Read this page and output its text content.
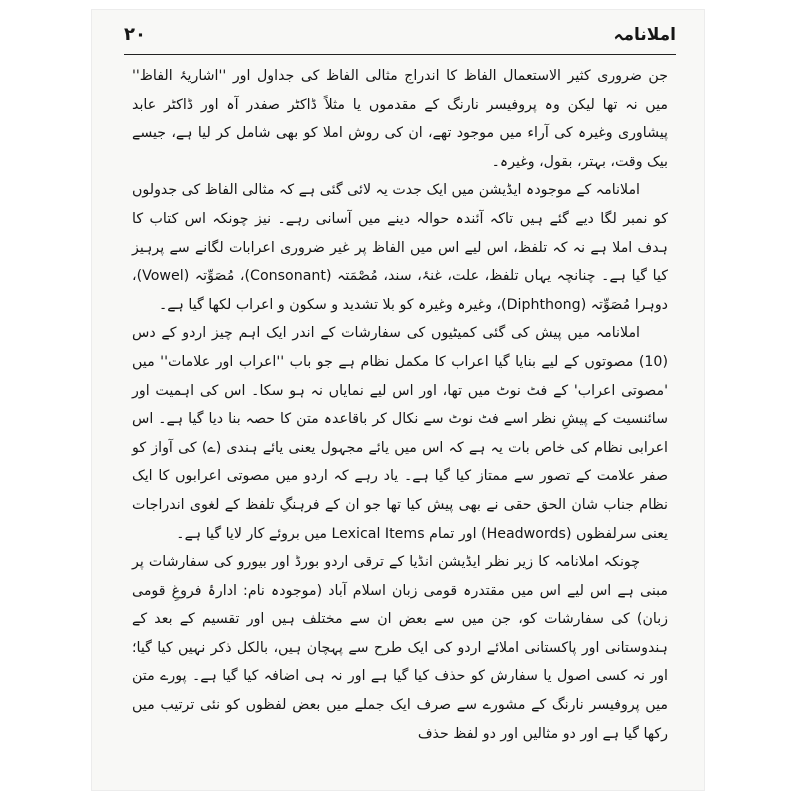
۲۰	املانامہ

جن ضروری کثیر الاستعمال الفاظ کا اندراج مثالی الفاظ کی جداول اور ''اشاریۂ الفاظ'' میں نہ تھا لیکن وہ پروفیسر نارنگ کے مقدموں یا مثلاً ڈاکٹر صفدر آہ اور ڈاکٹر عابد پیشاوری وغیرہ کی آراء میں موجود تھے، ان کی روش املا کو بھی شامل کر لیا ہے، جیسے بیک وقت، بہتر، بقول، وغیرہ۔

املانامہ کے موجودہ ایڈیشن میں ایک جدت یہ لائی گئی ہے کہ مثالی الفاظ کی جدولوں کو نمبر لگا دیے گئے ہیں تاکہ آئندہ حوالہ دینے میں آسانی رہے۔ نیز چونکہ اس کتاب کا ہدف املا ہے نہ کہ تلفظ، اس لیے اس میں الفاظ پر غیر ضروری اعرابات لگانے سے پرہیز کیا گیا ہے۔ چنانچہ یہاں تلفظ، علت، غنۂ، سند، مُصْمَتہ (Consonant)، مُصَوِّتہ (Vowel)، دوہرا مُصَوِّتہ (Diphthong)، وغیرہ وغیرہ کو بلا تشدید و سکون و اعراب لکھا گیا ہے۔

املانامہ میں پیش کی گئی کمیٹیوں کی سفارشات کے اندر ایک اہم چیز اردو کے دس (10) مصوتوں کے لیے بنایا گیا اعراب کا مکمل نظام ہے جو باب ''اعراب اور علامات'' میں 'مصوتی اعراب' کے فٹ نوٹ میں تھا، اور اس لیے نمایاں نہ ہو سکا۔ اس کی اہمیت اور سائنسیت کے پیشِ نظر اسے فٹ نوٹ سے نکال کر باقاعدہ متن کا حصہ بنا دیا گیا ہے۔ اس اعرابی نظام کی خاص بات یہ ہے کہ اس میں یائے مجہول یعنی یائے ہندی (ے) کی آواز کو صفر علامت کے تصور سے ممتاز کیا گیا ہے۔ یاد رہے کہ اردو میں مصوتی اعرابوں کا ایک نظام جناب شان الحق حقی نے بھی پیش کیا تھا جو ان کے فرہنگِ تلفظ کے لغوی اندراجات یعنی سرلفظوں (Headwords) اور تمام Lexical Items میں بروئے کار لایا گیا ہے۔

چونکہ املانامہ کا زیر نظر ایڈیشن انڈیا کے ترقی اردو بورڈ اور بیورو کی سفارشات پر مبنی ہے اس لیے اس میں مقتدرہ قومی زبان اسلام آباد (موجودہ نام: ادارۂ فروغِ قومی زبان) کی سفارشات کو، جن میں سے بعض ان سے مختلف ہیں اور تقسیم کے بعد کے ہندوستانی اور پاکستانی املائے اردو کی ایک طرح سے پہچان ہیں، بالکل ذکر نہیں کیا گیا؛ اور نہ کسی اصول یا سفارش کو حذف کیا گیا ہے اور نہ ہی اضافہ کیا گیا ہے۔ پورے متن میں پروفیسر نارنگ کے مشورے سے صرف ایک جملے میں بعض لفظوں کو نئی ترتیب میں رکھا گیا ہے اور دو مثالیں اور دو لفظ حذف
